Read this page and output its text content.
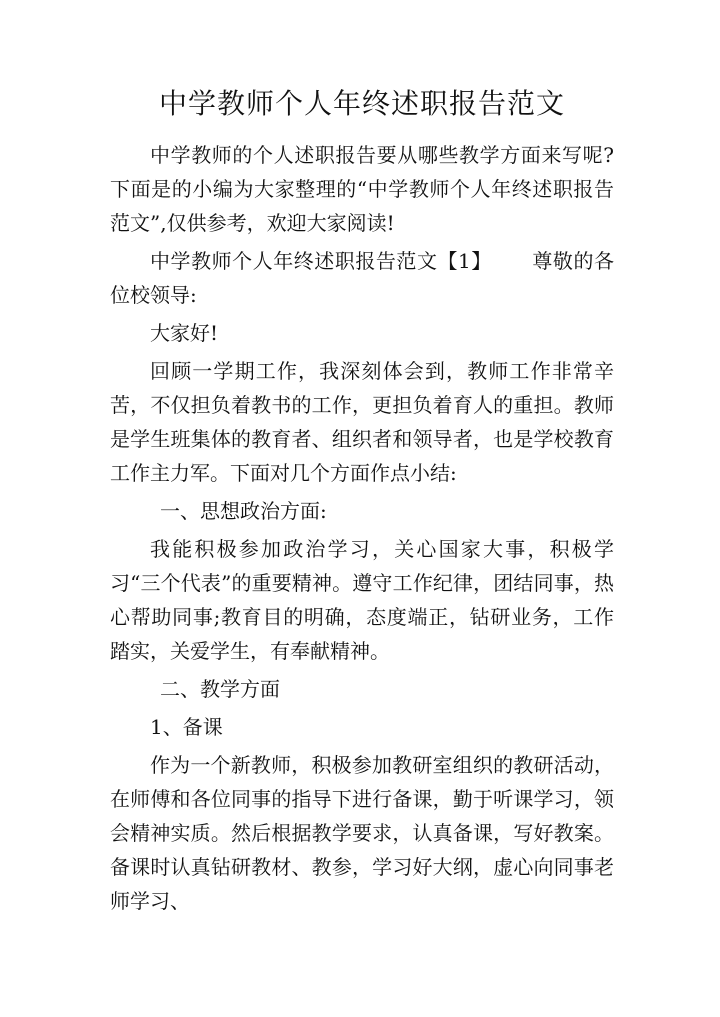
中学教师个人年终述职报告范文

中学教师的个人述职报告要从哪些教学方面来写呢?下面是的小编为大家整理的“中学教师个人年终述职报告范文”,仅供参考，欢迎大家阅读!

中学教师个人年终述职报告范文【1】 尊敬的各位校领导:

大家好!

回顾一学期工作，我深刻体会到，教师工作非常辛苦，不仅担负着教书的工作，更担负着育人的重担。教师是学生班集体的教育者、组织者和领导者，也是学校教育工作主力军。下面对几个方面作点小结:

一、思想政治方面:

我能积极参加政治学习，关心国家大事，积极学习“三个代表”的重要精神。遵守工作纪律，团结同事，热心帮助同事;教育目的明确，态度端正，钻研业务，工作踏实，关爱学生，有奉献精神。

二、教学方面

1、备课

作为一个新教师，积极参加教研室组织的教研活动，在师傅和各位同事的指导下进行备课，勤于听课学习，领会精神实质。然后根据教学要求，认真备课，写好教案。备课时认真钻研教材、教参，学习好大纲，虚心向同事老师学习、
